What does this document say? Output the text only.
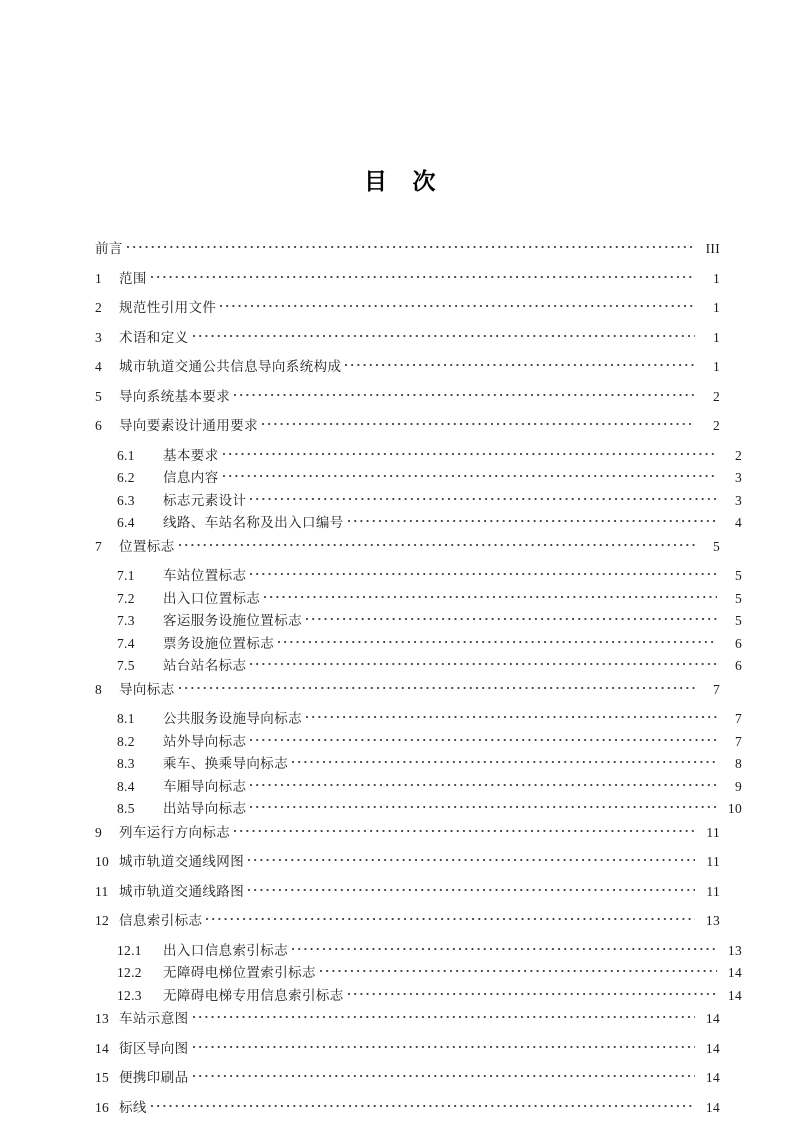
目    次
前言	III
1	范围	1
2	规范性引用文件	1
3	术语和定义	1
4	城市轨道交通公共信息导向系统构成	1
5	导向系统基本要求	2
6	导向要素设计通用要求	2
6.1	基本要求	2
6.2	信息内容	3
6.3	标志元素设计	3
6.4	线路、车站名称及出入口编号	4
7	位置标志	5
7.1	车站位置标志	5
7.2	出入口位置标志	5
7.3	客运服务设施位置标志	5
7.4	票务设施位置标志	6
7.5	站台站名标志	6
8	导向标志	7
8.1	公共服务设施导向标志	7
8.2	站外导向标志	7
8.3	乘车、换乘导向标志	8
8.4	车厢导向标志	9
8.5	出站导向标志	10
9	列车运行方向标志	11
10 城市轨道交通线网图	11
11 城市轨道交通线路图	11
12 信息索引标志	13
12.1	出入口信息索引标志	13
12.2	无障碍电梯位置索引标志	14
12.3	无障碍电梯专用信息索引标志	14
13 车站示意图	14
14 街区导向图	14
15 便携印刷品	14
16 标线	14
